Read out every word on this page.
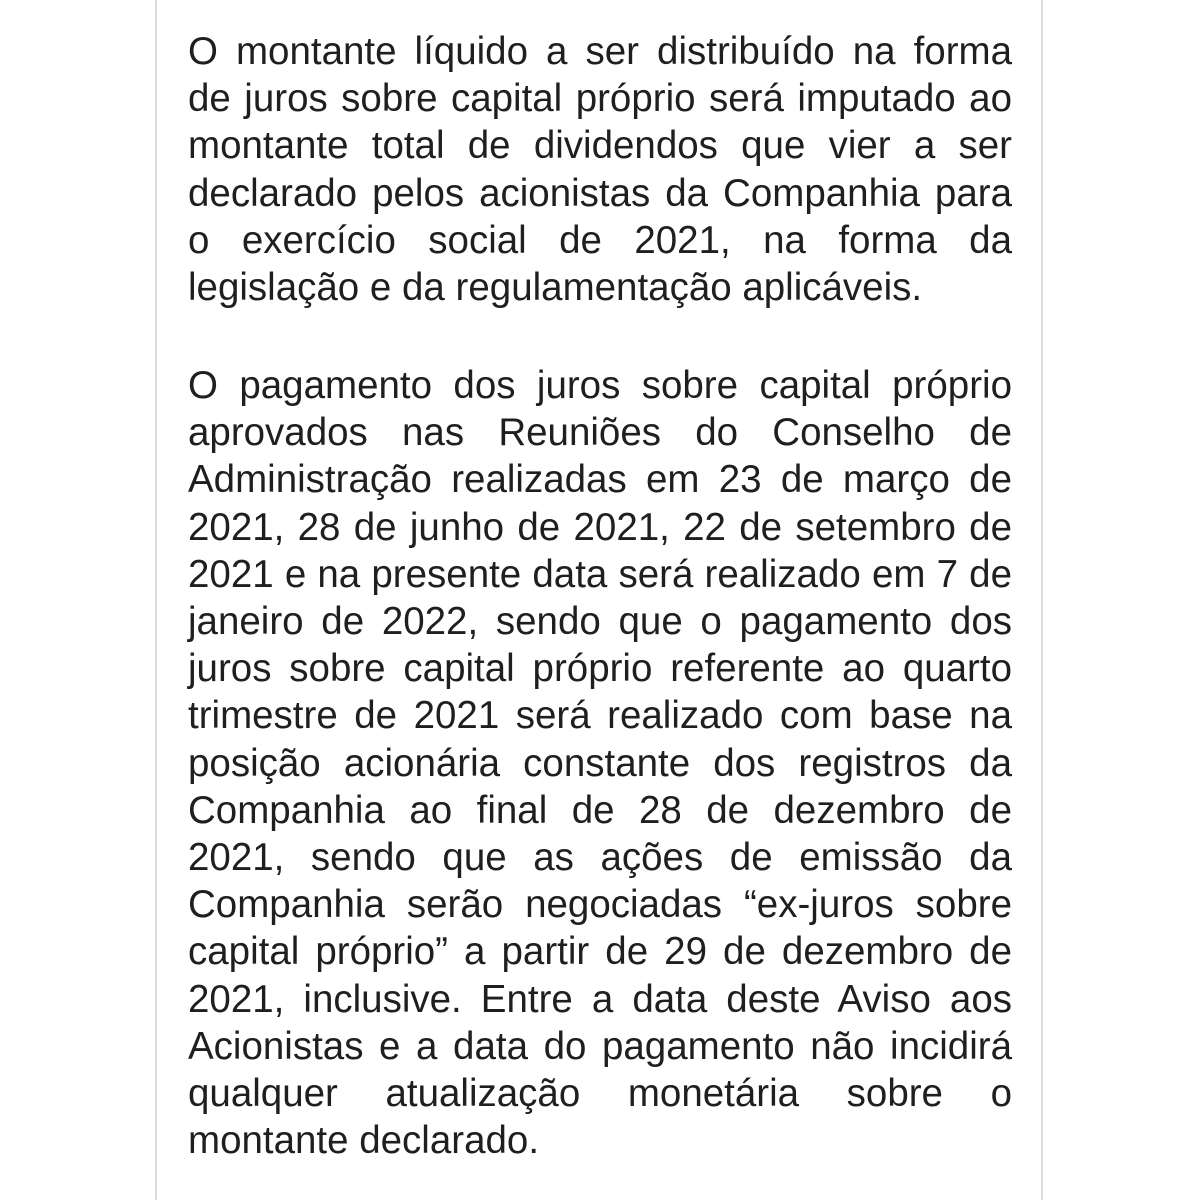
O montante líquido a ser distribuído na forma de juros sobre capital próprio será imputado ao montante total de dividendos que vier a ser declarado pelos acionistas da Companhia para o exercício social de 2021, na forma da legislação e da regulamentação aplicáveis.

O pagamento dos juros sobre capital próprio aprovados nas Reuniões do Conselho de Administração realizadas em 23 de março de 2021, 28 de junho de 2021, 22 de setembro de 2021 e na presente data será realizado em 7 de janeiro de 2022, sendo que o pagamento dos juros sobre capital próprio referente ao quarto trimestre de 2021 será realizado com base na posição acionária constante dos registros da Companhia ao final de 28 de dezembro de 2021, sendo que as ações de emissão da Companhia serão negociadas “ex-juros sobre capital próprio” a partir de 29 de dezembro de 2021, inclusive. Entre a data deste Aviso aos Acionistas e a data do pagamento não incidirá qualquer atualização monetária sobre o montante declarado.
